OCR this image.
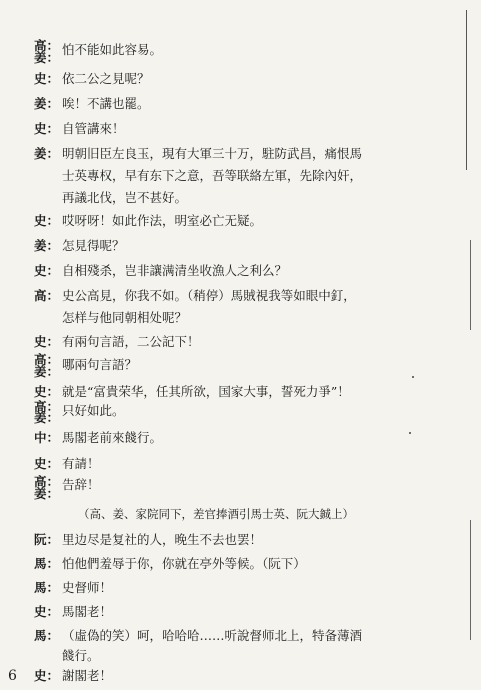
高： 怕不能如此容易。
姜：
史： 依二公之見呢？
姜： 唉！不講也罷。
史： 自管講來！
姜： 明朝旧臣左良玉，現有大軍三十万，駐防武昌，痛恨馬
士英專权，早有东下之意，吾等联絡左軍，先除內奸，
再議北伐，岂不甚好。
史： 哎呀呀！如此作法，明室必亡无疑。
姜： 怎見得呢？
史： 自相殘杀，岂非讓满清坐收漁人之利么？
高： 史公高見，你我不如。（稍停）馬賊視我等如眼中釘，
怎样与他同朝相处呢？
史： 有兩句言語，二公記下！
高： 哪兩句言語？
姜：
史： 就是“富貴荣华，任其所欲，国家大事，誓死力爭”！
高： 只好如此。
姜：
中： 馬閣老前來餞行。
史： 有請！
高： 告辞！
姜：
（高、姜、家院同下，差官捧酒引馬士英、阮大鋮上）
阮： 里边尽是复社的人，晚生不去也罢！
馬： 怕他們羞辱于你，你就在亭外等候。（阮下）
馬： 史督师！
史： 馬閣老！
馬： （虛偽的笑）呵，哈哈哈……听說督师北上，特备薄酒
餞行。
史： 謝閣老！
6
